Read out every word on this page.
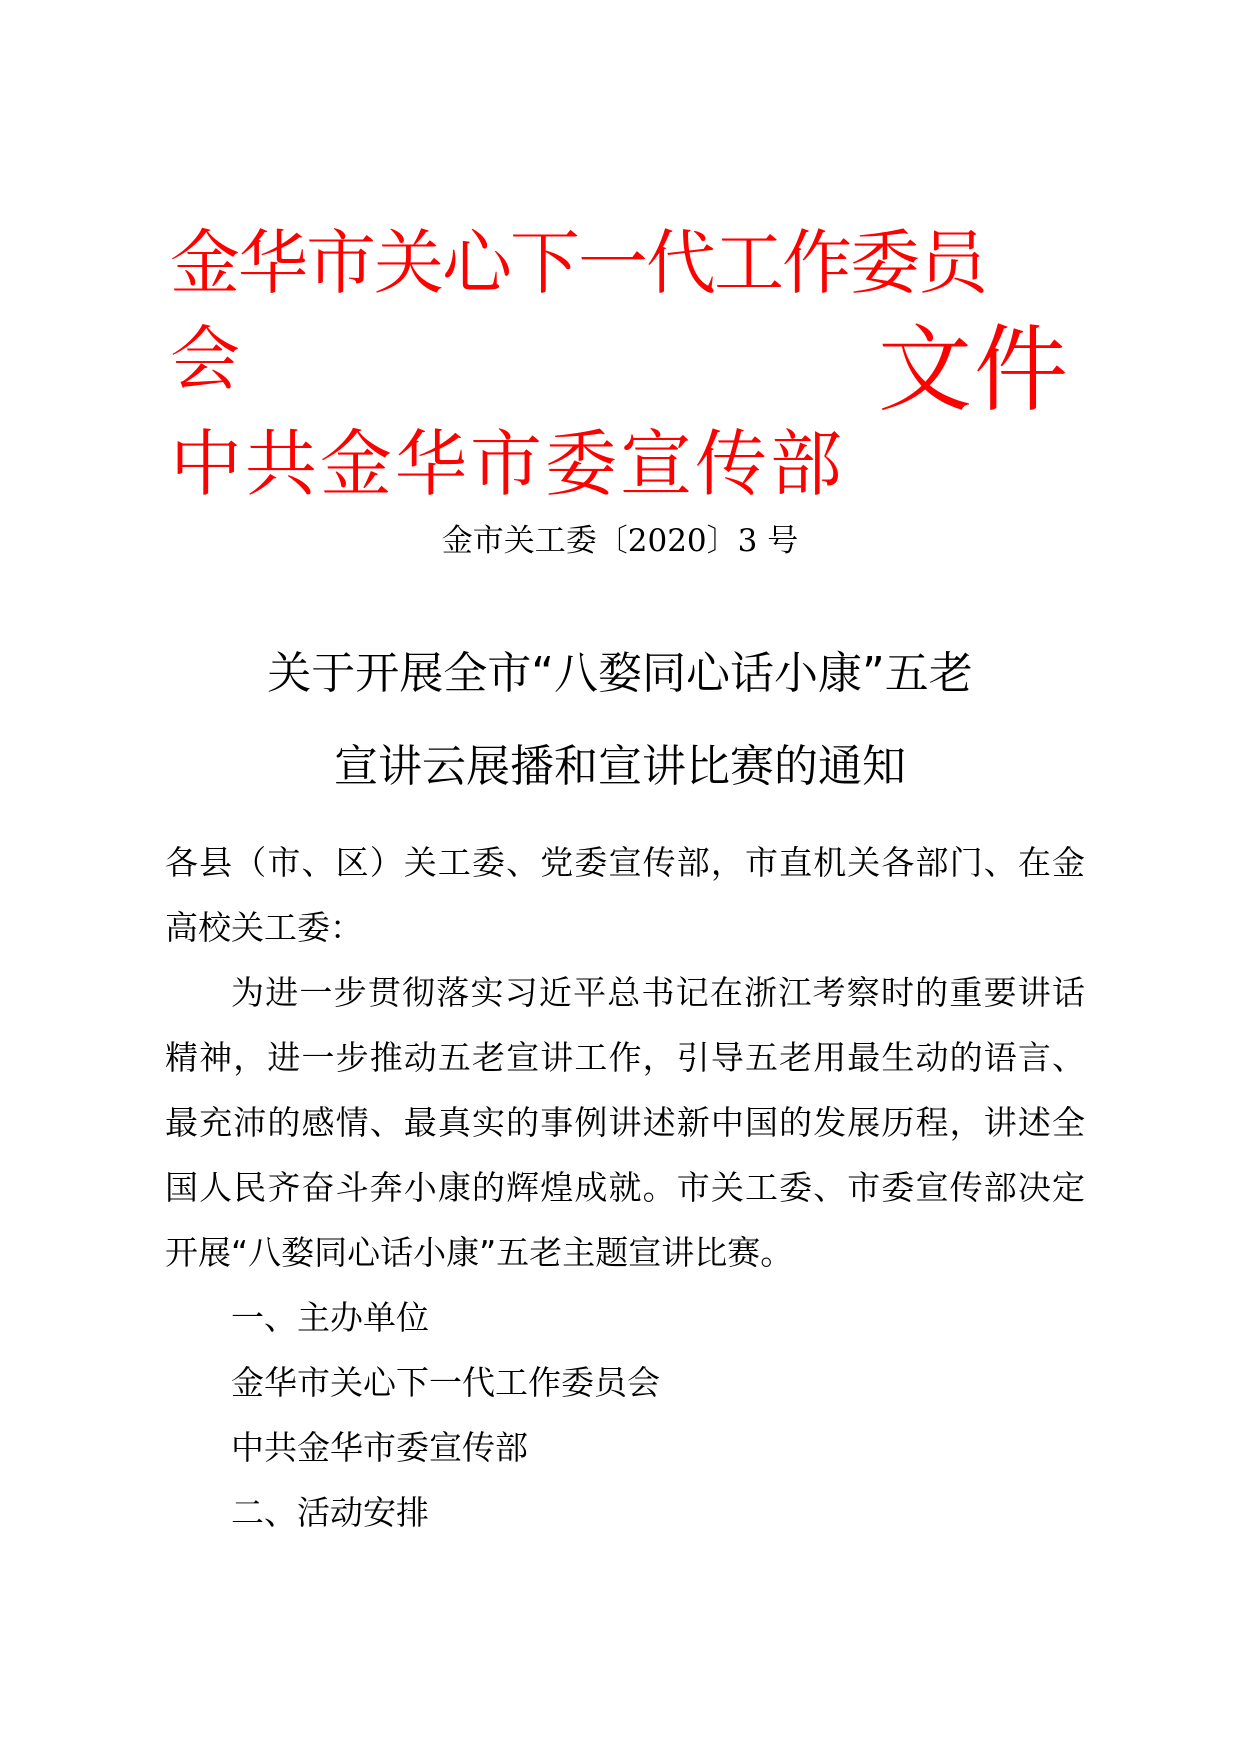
金华市关心下一代工作委员
会
中共金华市委宣传部
文件
金市关工委〔2020〕3 号
关于开展全市“八婺同心话小康”五老
宣讲云展播和宣讲比赛的通知

各县（市、区）关工委、党委宣传部，市直机关各部门、在金高校关工委：

为进一步贯彻落实习近平总书记在浙江考察时的重要讲话精神，进一步推动五老宣讲工作，引导五老用最生动的语言、最充沛的感情、最真实的事例讲述新中国的发展历程，讲述全国人民齐奋斗奔小康的辉煌成就。市关工委、市委宣传部决定开展“八婺同心话小康”五老主题宣讲比赛。

一、主办单位

金华市关心下一代工作委员会

中共金华市委宣传部

二、活动安排
